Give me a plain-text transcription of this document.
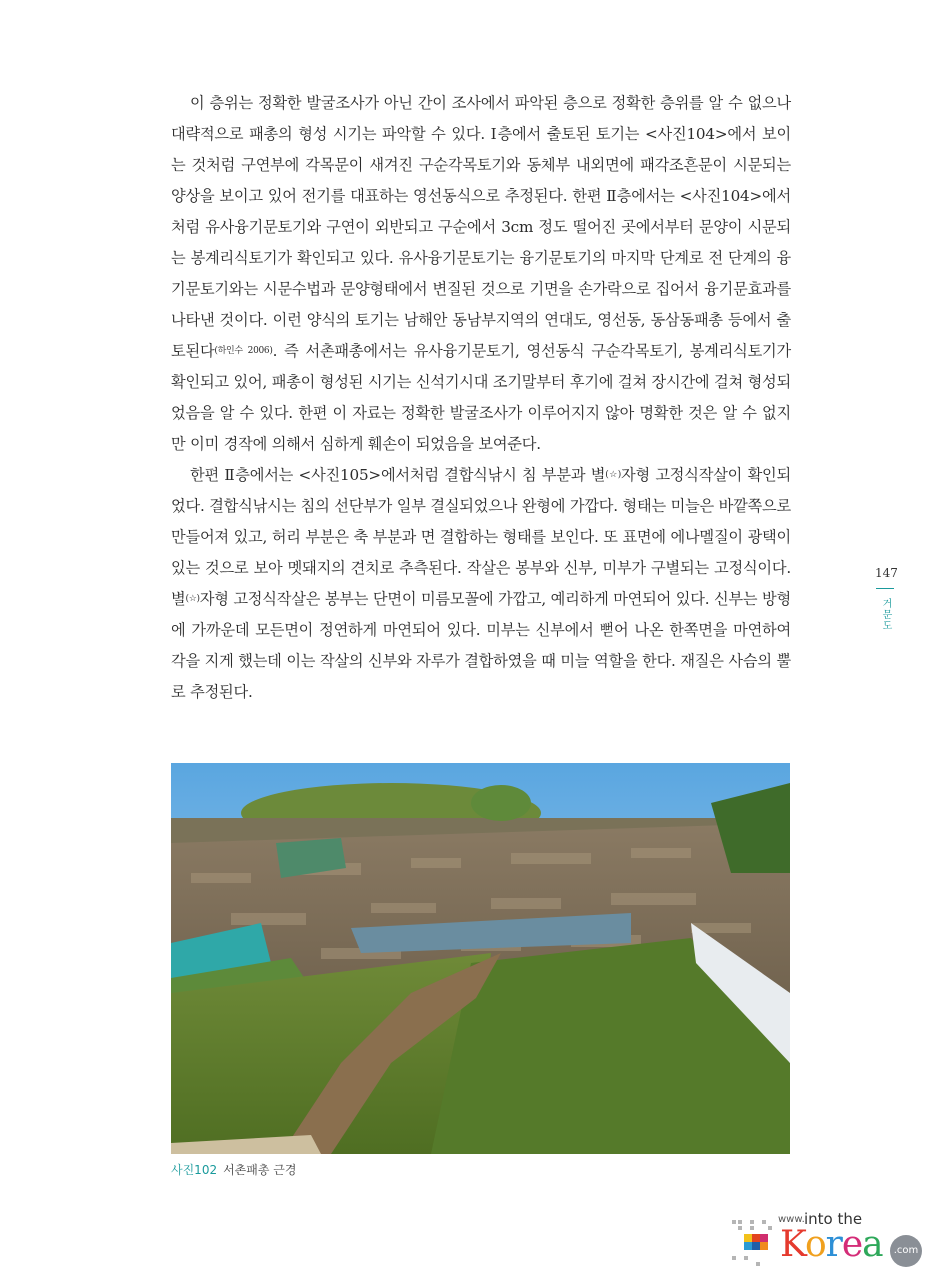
이 층위는 정확한 발굴조사가 아닌 간이 조사에서 파악된 층으로 정확한 층위를 알 수 없으나 대략적으로 패총의 형성 시기는 파악할 수 있다. Ⅰ층에서 출토된 토기는 <사진104>에서 보이는 것처럼 구연부에 각목문이 새겨진 구순각목토기와 동체부 내외면에 패각조흔문이 시문되는 양상을 보이고 있어 전기를 대표하는 영선동식으로 추정된다. 한편 Ⅱ층에서는 <사진104>에서처럼 유사융기문토기와 구연이 외반되고 구순에서 3cm 정도 떨어진 곳에서부터 문양이 시문되는 봉계리식토기가 확인되고 있다. 유사융기문토기는 융기문토기의 마지막 단계로 전 단계의 융기문토기와는 시문수법과 문양형태에서 변질된 것으로 기면을 손가락으로 집어서 융기문효과를 나타낸 것이다. 이런 양식의 토기는 남해안 동남부지역의 연대도, 영선동, 동삼동패총 등에서 출토된다$^{(하인수 2006)}$. 즉 서촌패총에서는 유사융기문토기, 영선동식 구순각목토기, 봉계리식토기가 확인되고 있어, 패총이 형성된 시기는 신석기시대 조기말부터 후기에 걸쳐 장시간에 걸쳐 형성되었음을 알 수 있다. 한편 이 자료는 정확한 발굴조사가 이루어지지 않아 명확한 것은 알 수 없지만 이미 경작에 의해서 심하게 훼손이 되었음을 보여준다.

한편 Ⅱ층에서는 <사진105>에서처럼 결합식낚시 침 부분과 별(☆)자형 고정식작살이 확인되었다. 결합식낚시는 침의 선단부가 일부 결실되었으나 완형에 가깝다. 형태는 미늘은 바깥쪽으로 만들어져 있고, 허리 부분은 축 부분과 면 결합하는 형태를 보인다. 또 표면에 에나멜질이 광택이 있는 것으로 보아 멧돼지의 견치로 추측된다. 작살은 봉부와 신부, 미부가 구별되는 고정식이다. 별(☆)자형 고정식작살은 봉부는 단면이 미름모꼴에 가깝고, 예리하게 마연되어 있다. 신부는 방형에 가까운데 모든면이 정연하게 마연되어 있다. 미부는 신부에서 뻗어 나온 한쪽면을 마연하여 각을 지게 했는데 이는 작살의 신부와 자루가 결합하였을 때 미늘 역할을 한다. 재질은 사슴의 뿔로 추정된다.

사진102 서촌패총 근경
147
거문도
www. into the
Korea	.com
